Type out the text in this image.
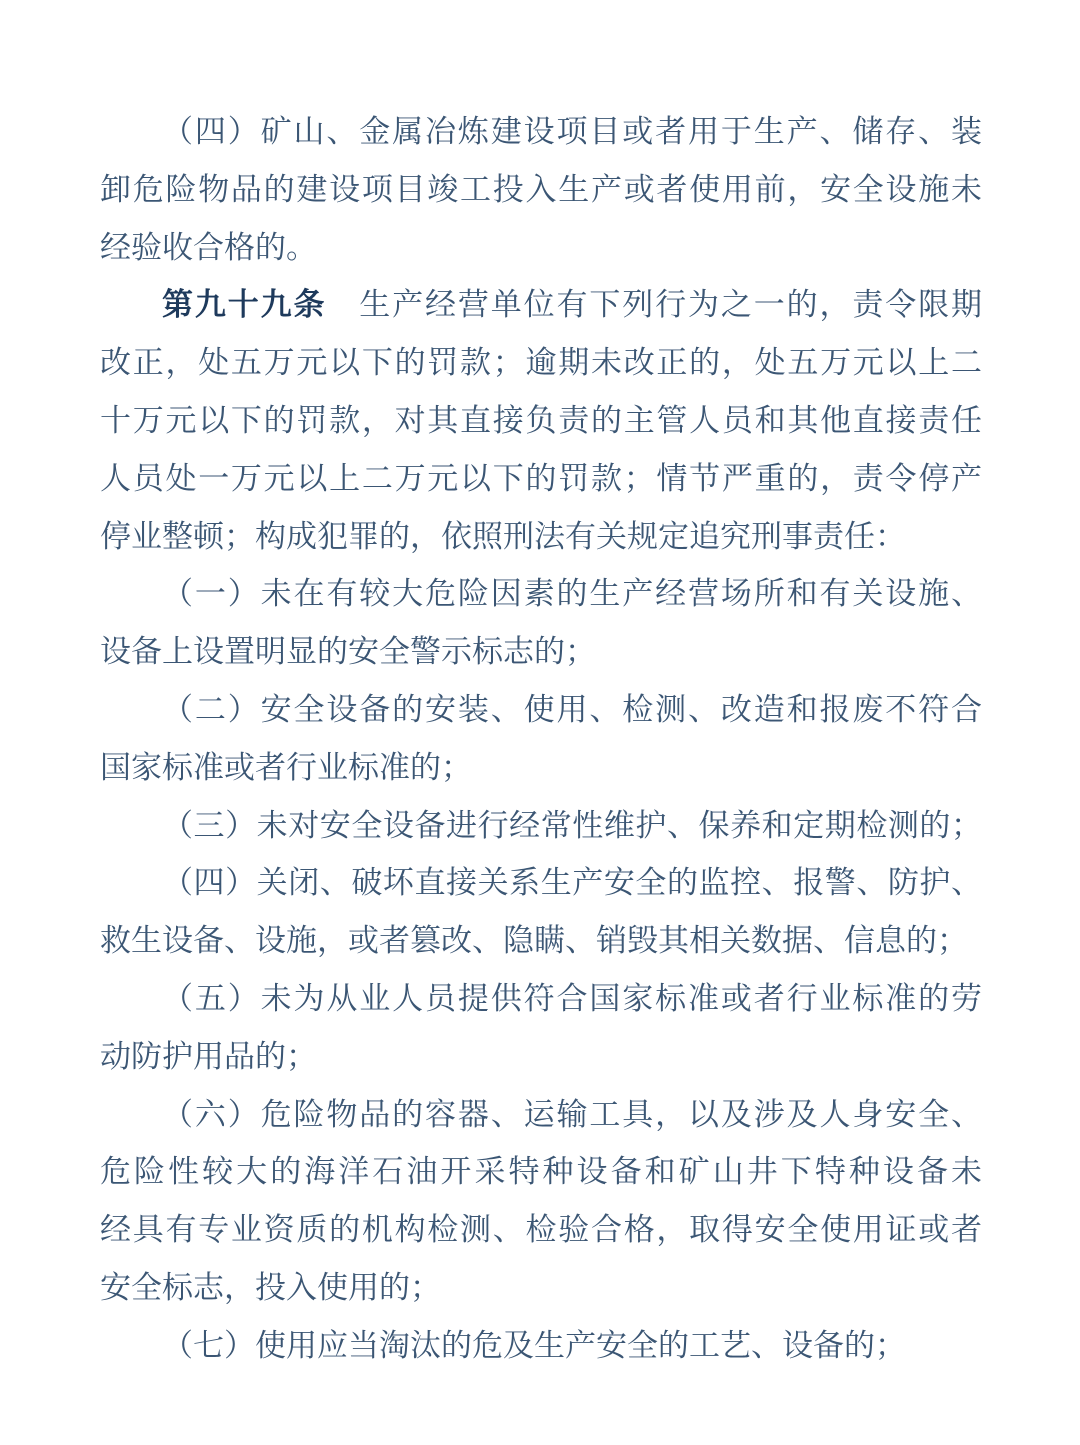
（四）矿山、金属冶炼建设项目或者用于生产、储存、装
卸危险物品的建设项目竣工投入生产或者使用前，安全设施未
经验收合格的。
第九十九条　生产经营单位有下列行为之一的，责令限期
改正，处五万元以下的罚款；逾期未改正的，处五万元以上二
十万元以下的罚款，对其直接负责的主管人员和其他直接责任
人员处一万元以上二万元以下的罚款；情节严重的，责令停产
停业整顿；构成犯罪的，依照刑法有关规定追究刑事责任：
（一）未在有较大危险因素的生产经营场所和有关设施、
设备上设置明显的安全警示标志的；
（二）安全设备的安装、使用、检测、改造和报废不符合
国家标准或者行业标准的；
（三）未对安全设备进行经常性维护、保养和定期检测的；
（四）关闭、破坏直接关系生产安全的监控、报警、防护、
救生设备、设施，或者篡改、隐瞒、销毁其相关数据、信息的；
（五）未为从业人员提供符合国家标准或者行业标准的劳
动防护用品的；
（六）危险物品的容器、运输工具，以及涉及人身安全、
危险性较大的海洋石油开采特种设备和矿山井下特种设备未
经具有专业资质的机构检测、检验合格，取得安全使用证或者
安全标志，投入使用的；
（七）使用应当淘汰的危及生产安全的工艺、设备的；
